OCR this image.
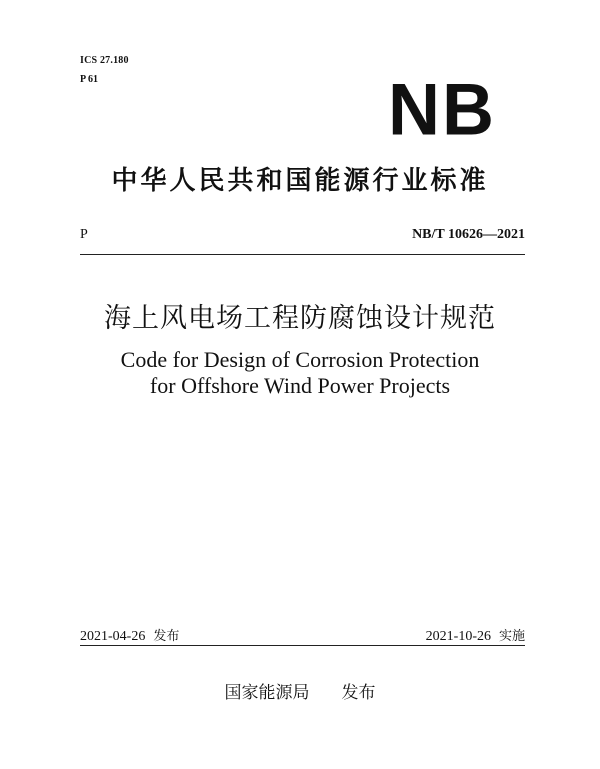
ICS 27.180
P 61	NB
中华人民共和国能源行业标准
P	NB/T 10626—2021
海上风电场工程防腐蚀设计规范
Code for Design of Corrosion Protection
for Offshore Wind Power Projects
2021-04-26 发布	2021-10-26 实施
国家能源局 发布
